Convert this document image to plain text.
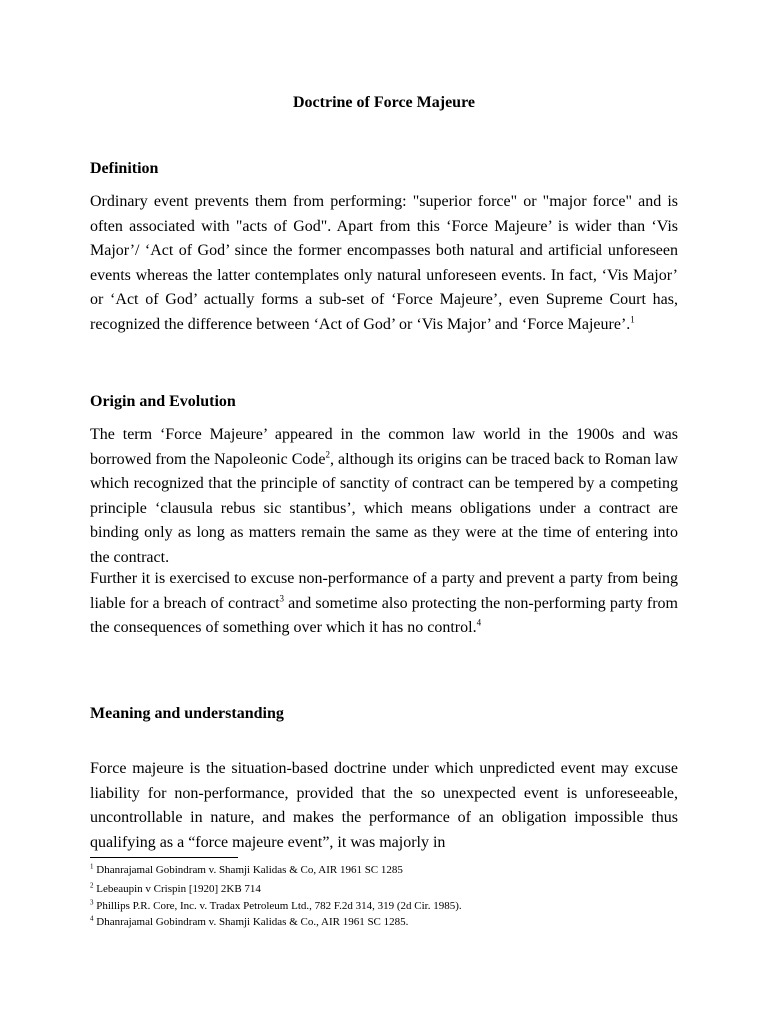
Doctrine of Force Majeure
Definition
Ordinary event prevents them from performing: "superior force" or "major force" and is often associated with "acts of God". Apart from this ‘Force Majeure’ is wider than ‘Vis Major’/ ‘Act of God’ since the former encompasses both natural and artificial unforeseen events whereas the latter contemplates only natural unforeseen events. In fact, ‘Vis Major’ or ‘Act of God’ actually forms a sub-set of ‘Force Majeure’, even Supreme Court has, recognized the difference between ‘Act of God’ or ‘Vis Major’ and ‘Force Majeure’.$^1$
Origin and Evolution
The term ‘Force Majeure’ appeared in the common law world in the 1900s and was borrowed from the Napoleonic Code$^2$, although its origins can be traced back to Roman law which recognized that the principle of sanctity of contract can be tempered by a competing principle ‘clausula rebus sic stantibus’, which means obligations under a contract are binding only as long as matters remain the same as they were at the time of entering into the contract.
Further it is exercised to excuse non-performance of a party and prevent a party from being liable for a breach of contract$^3$ and sometime also protecting the non-performing party from the consequences of something over which it has no control.$^4$
Meaning and understanding
Force majeure is the situation-based doctrine under which unpredicted event may excuse liability for non-performance, provided that the so unexpected event is unforeseeable, uncontrollable in nature, and makes the performance of an obligation impossible thus qualifying as a “force majeure event”, it was majorly in
$^1$ Dhanrajamal Gobindram v. Shamji Kalidas & Co, AIR 1961 SC 1285
$^2$ Lebeaupin v Crispin [1920] 2KB 714
$^3$ Phillips P.R. Core, Inc. v. Tradax Petroleum Ltd., 782 F.2d 314, 319 (2d Cir. 1985).
$^4$ Dhanrajamal Gobindram v. Shamji Kalidas & Co., AIR 1961 SC 1285.
